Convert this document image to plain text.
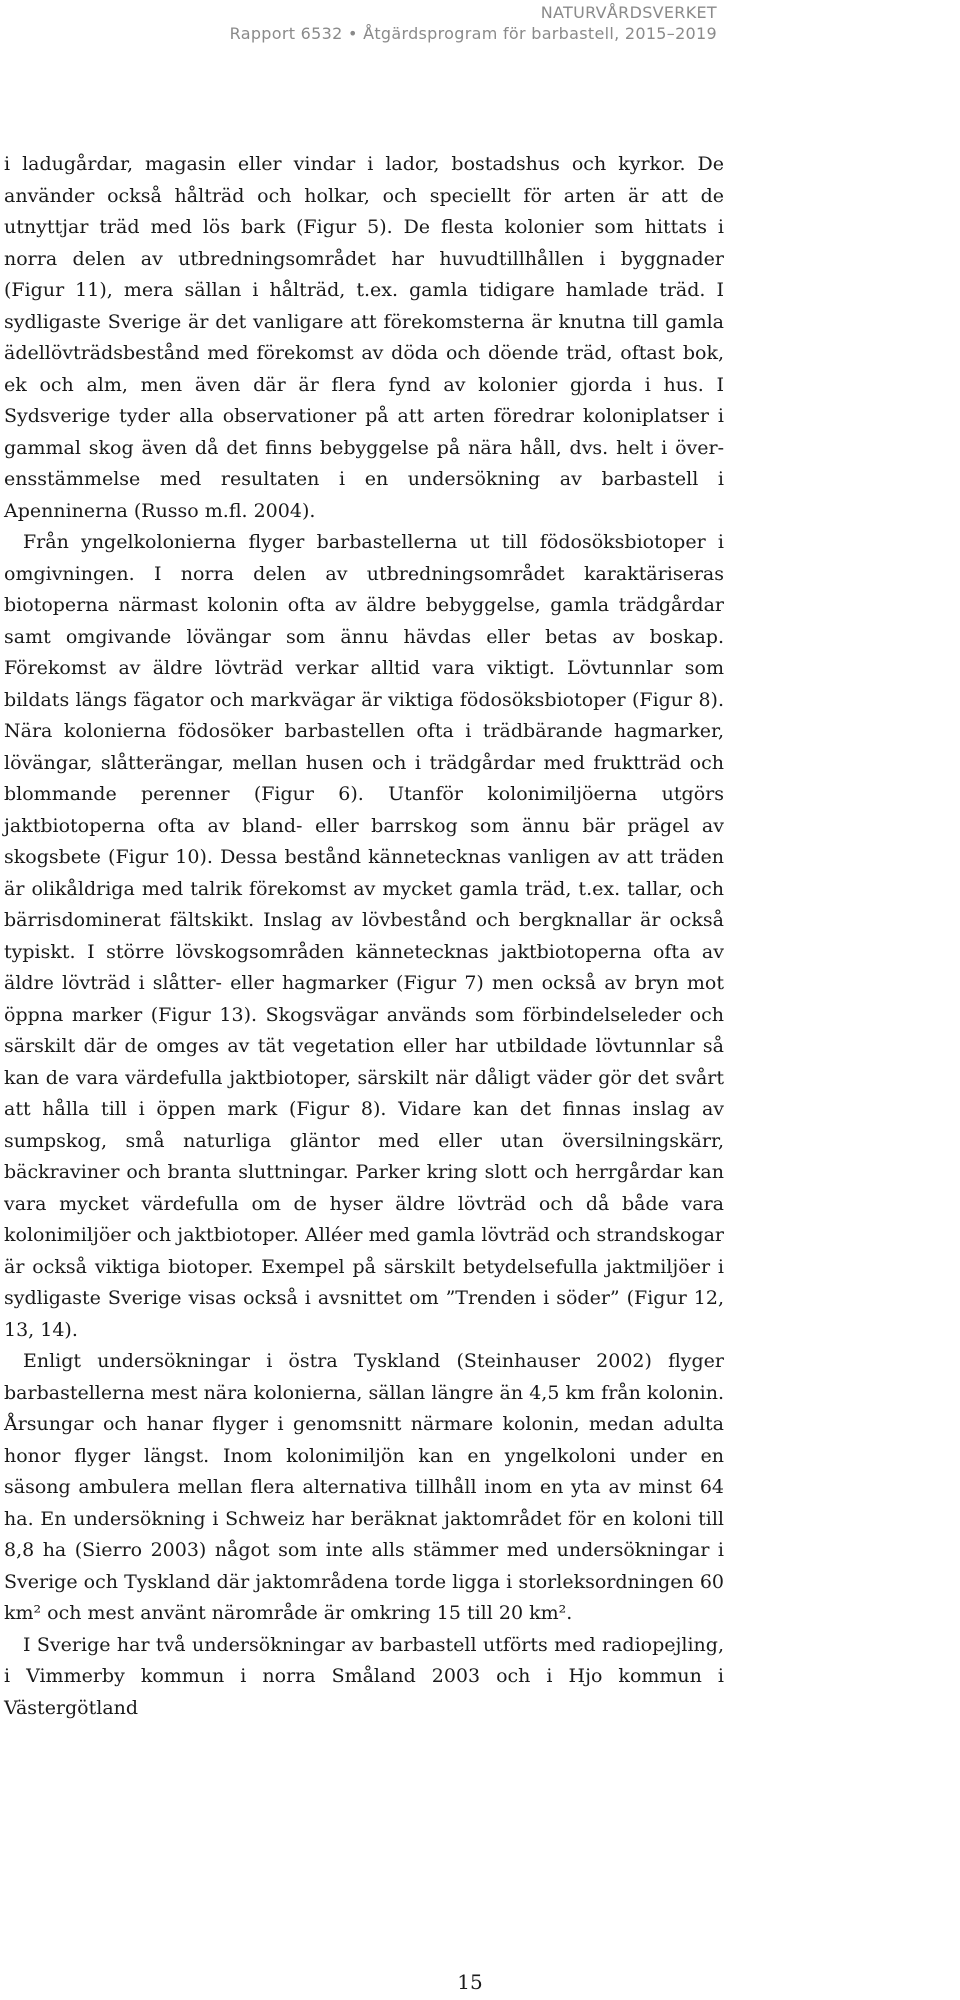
NATURVÅRDSVERKET
Rapport 6532 • Åtgärdsprogram för barbastell, 2015–2019

i ladugårdar, magasin eller vindar i lador, bostadshus och kyrkor. De använder också hålträd och holkar, och speciellt för arten är att de utnyttjar träd med lös bark (Figur 5). De flesta kolonier som hittats i norra delen av utbredningsområdet har huvudtillhållen i byggnader (Figur 11), mera sällan i hålträd, t.ex. gamla tidigare hamlade träd. I sydligaste Sverige är det vanligare att förekomsterna är knutna till gamla ädellövträdsbestånd med förekomst av döda och döende träd, oftast bok, ek och alm, men även där är flera fynd av kolonier gjorda i hus. I Sydsverige tyder alla observationer på att arten föredrar koloniplatser i gammal skog även då det finns bebyggelse på nära håll, dvs. helt i överensstämmelse med resultaten i en undersökning av barbastell i Apenninerna (Russo m.fl. 2004).

Från yngelkolonierna flyger barbastellerna ut till födosöksbiotoper i omgivningen. I norra delen av utbredningsområdet karaktäriseras biotoperna närmast kolonin ofta av äldre bebyggelse, gamla trädgårdar samt omgivande lövängar som ännu hävdas eller betas av boskap. Förekomst av äldre lövträd verkar alltid vara viktigt. Lövtunnlar som bildats längs fägator och markvägar är viktiga födosöksbiotoper (Figur 8). Nära kolonierna födosöker barbastellen ofta i trädbärande hagmarker, lövängar, slåtterängar, mellan husen och i trädgårdar med fruktträd och blommande perenner (Figur 6). Utanför kolonimiljöerna utgörs jaktbiotoperna ofta av bland- eller barrskog som ännu bär prägel av skogsbete (Figur 10). Dessa bestånd kännetecknas vanligen av att träden är olikåldriga med talrik förekomst av mycket gamla träd, t.ex. tallar, och bärrisdominerat fältskikt. Inslag av lövbestånd och bergknallar är också typiskt. I större lövskogsområden kännetecknas jaktbiotoperna ofta av äldre lövträd i slåtter- eller hagmarker (Figur 7) men också av bryn mot öppna marker (Figur 13). Skogsvägar används som förbindelseleder och särskilt där de omges av tät vegetation eller har utbildade lövtunnlar så kan de vara värdefulla jaktbiotoper, särskilt när dåligt väder gör det svårt att hålla till i öppen mark (Figur 8). Vidare kan det finnas inslag av sumpskog, små naturliga gläntor med eller utan översilningskärr, bäckraviner och branta sluttningar. Parker kring slott och herrgårdar kan vara mycket värdefulla om de hyser äldre lövträd och då både vara kolonimiljöer och jaktbiotoper. Alléer med gamla lövträd och strandskogar är också viktiga biotoper. Exempel på särskilt betydelsefulla jaktmiljöer i sydligaste Sverige visas också i avsnittet om ”Trenden i söder” (Figur 12, 13, 14).

Enligt undersökningar i östra Tyskland (Steinhauser 2002) flyger barbastellerna mest nära kolonierna, sällan längre än 4,5 km från kolonin. Årsungar och hanar flyger i genomsnitt närmare kolonin, medan adulta honor flyger längst. Inom kolonimiljön kan en yngelkoloni under en säsong ambulera mellan flera alternativa tillhåll inom en yta av minst 64 ha. En undersökning i Schweiz har beräknat jaktområdet för en koloni till 8,8 ha (Sierro 2003) något som inte alls stämmer med undersökningar i Sverige och Tyskland där jaktområdena torde ligga i storleksordningen 60 km² och mest använt närområde är omkring 15 till 20 km².

I Sverige har två undersökningar av barbastell utförts med radiopejling, i Vimmerby kommun i norra Småland 2003 och i Hjo kommun i Västergötland

15
